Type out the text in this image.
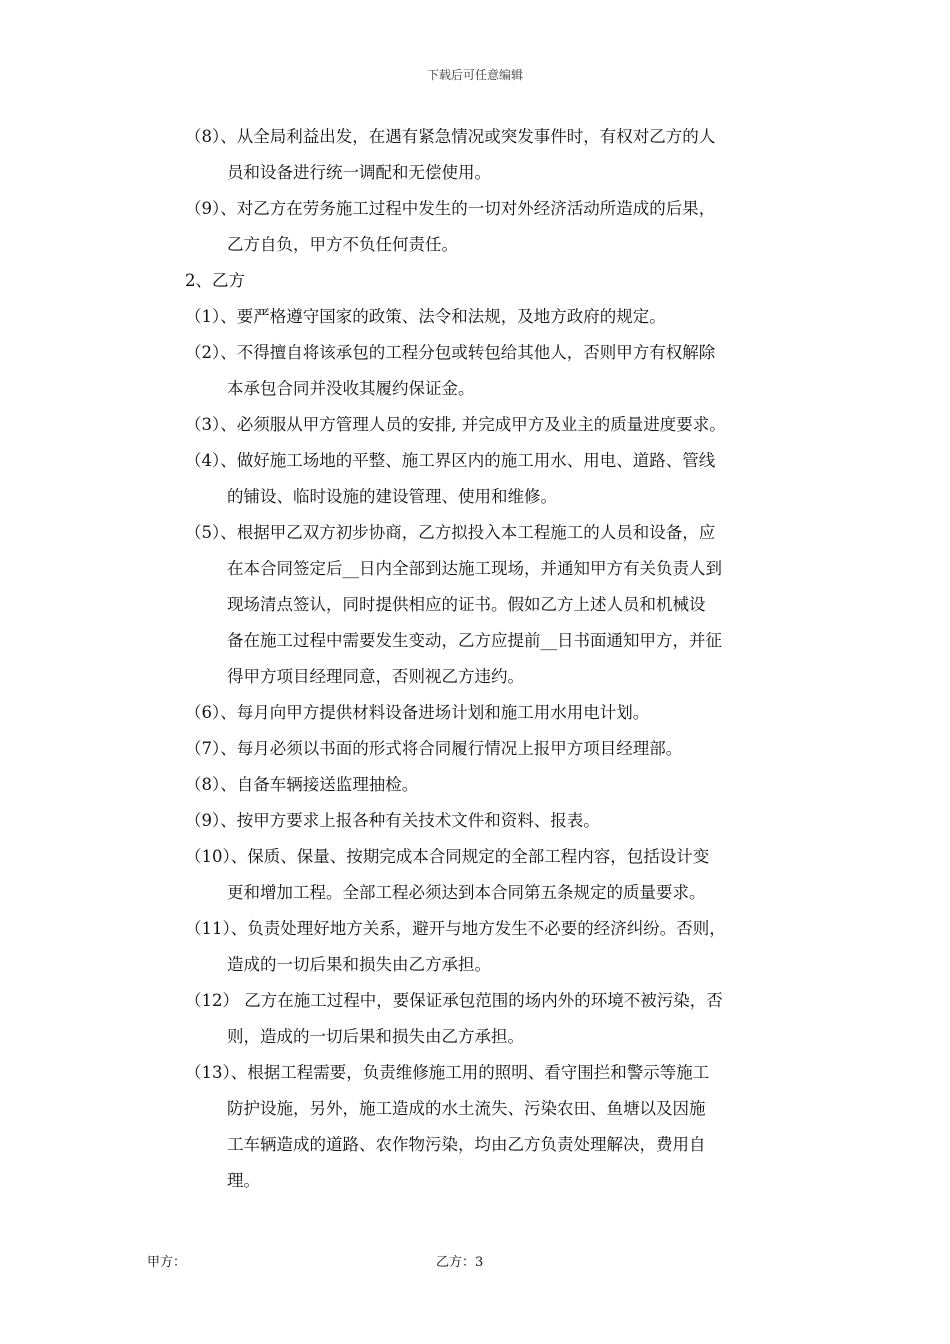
下载后可任意编辑
（8）、从全局利益出发，在遇有紧急情况或突发事件时，有权对乙方的人
员和设备进行统一调配和无偿使用。
（9）、对乙方在劳务施工过程中发生的一切对外经济活动所造成的后果，
乙方自负，甲方不负任何责任。
2、乙方
（1）、要严格遵守国家的政策、法令和法规，及地方政府的规定。
（2）、不得擅自将该承包的工程分包或转包给其他人，否则甲方有权解除
本承包合同并没收其履约保证金。
（3）、必须服从甲方管理人员的安排, 并完成甲方及业主的质量进度要求。
（4）、做好施工场地的平整、施工界区内的施工用水、用电、道路、管线
的铺设、临时设施的建设管理、使用和维修。
（5）、根据甲乙双方初步协商，乙方拟投入本工程施工的人员和设备，应
在本合同签定后__日内全部到达施工现场，并通知甲方有关负责人到
现场清点签认，同时提供相应的证书。假如乙方上述人员和机械设
备在施工过程中需要发生变动，乙方应提前__日书面通知甲方，并征
得甲方项目经理同意，否则视乙方违约。
（6）、每月向甲方提供材料设备进场计划和施工用水用电计划。
（7）、每月必须以书面的形式将合同履行情况上报甲方项目经理部。
（8）、自备车辆接送监理抽检。
（9）、按甲方要求上报各种有关技术文件和资料、报表。
（10）、保质、保量、按期完成本合同规定的全部工程内容，包括设计变
更和增加工程。全部工程必须达到本合同第五条规定的质量要求。
（11）、负责处理好地方关系，避开与地方发生不必要的经济纠纷。否则，
造成的一切后果和损失由乙方承担。
（12） 乙方在施工过程中，要保证承包范围的场内外的环境不被污染，否
则，造成的一切后果和损失由乙方承担。
（13）、根据工程需要，负责维修施工用的照明、看守围拦和警示等施工
防护设施，另外，施工造成的水土流失、污染农田、鱼塘以及因施
工车辆造成的道路、农作物污染，均由乙方负责处理解决，费用自
理。
甲方：	乙方：3
